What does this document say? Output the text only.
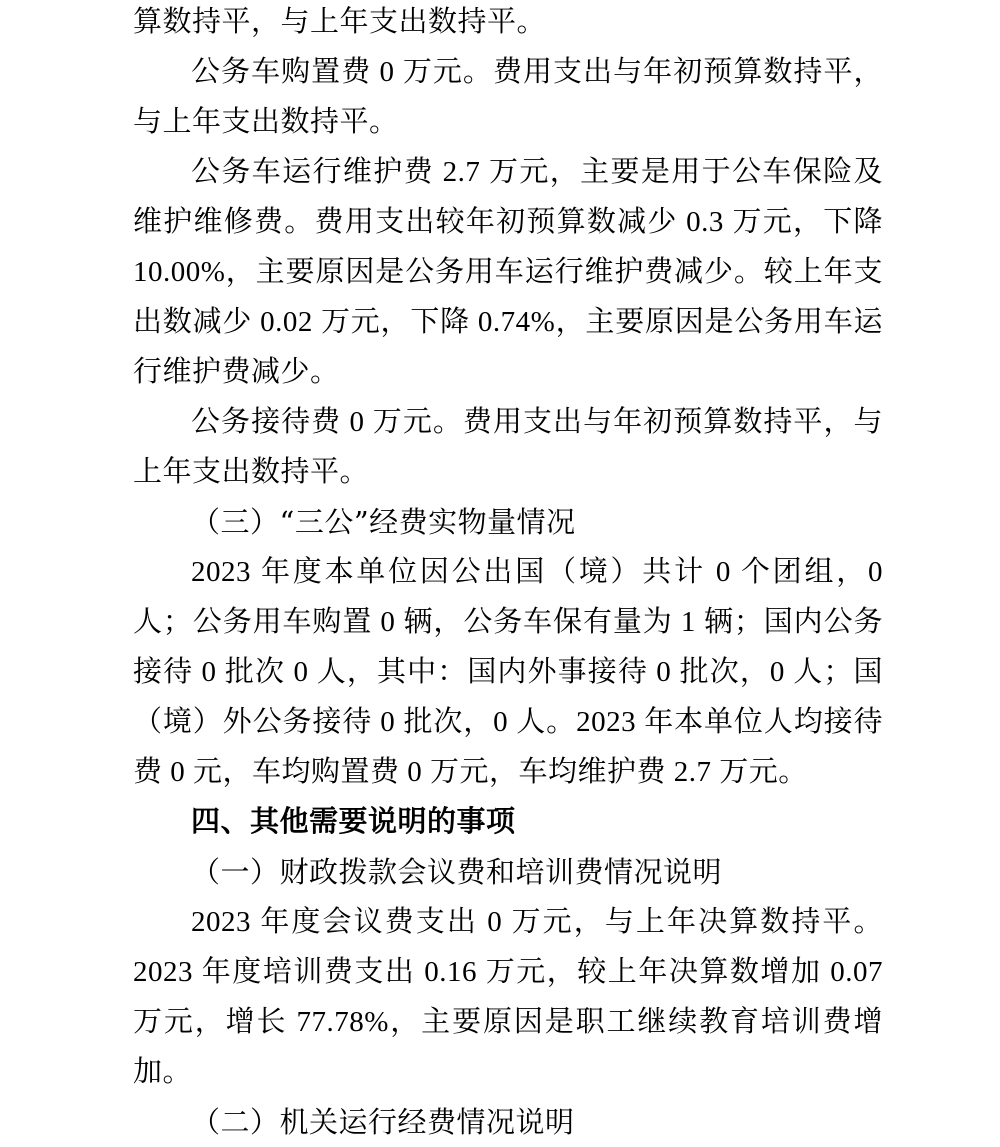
算数持平，与上年支出数持平。

公务车购置费 0 万元。费用支出与年初预算数持平，与上年支出数持平。

公务车运行维护费 2.7 万元，主要是用于公车保险及维护维修费。费用支出较年初预算数减少 0.3 万元，下降 10.00%，主要原因是公务用车运行维护费减少。较上年支出数减少 0.02 万元，下降 0.74%，主要原因是公务用车运行维护费减少。

公务接待费 0 万元。费用支出与年初预算数持平，与上年支出数持平。

（三）“三公”经费实物量情况

2023 年度本单位因公出国（境）共计 0 个团组，0 人；公务用车购置 0 辆，公务车保有量为 1 辆；国内公务接待 0 批次 0 人，其中：国内外事接待 0 批次，0 人；国（境）外公务接待 0 批次，0 人。2023 年本单位人均接待费 0 元，车均购置费 0 万元，车均维护费 2.7 万元。

四、其他需要说明的事项

（一）财政拨款会议费和培训费情况说明

2023 年度会议费支出 0 万元，与上年决算数持平。2023 年度培训费支出 0.16 万元，较上年决算数增加 0.07 万元，增长 77.78%，主要原因是职工继续教育培训费增加。

（二）机关运行经费情况说明
